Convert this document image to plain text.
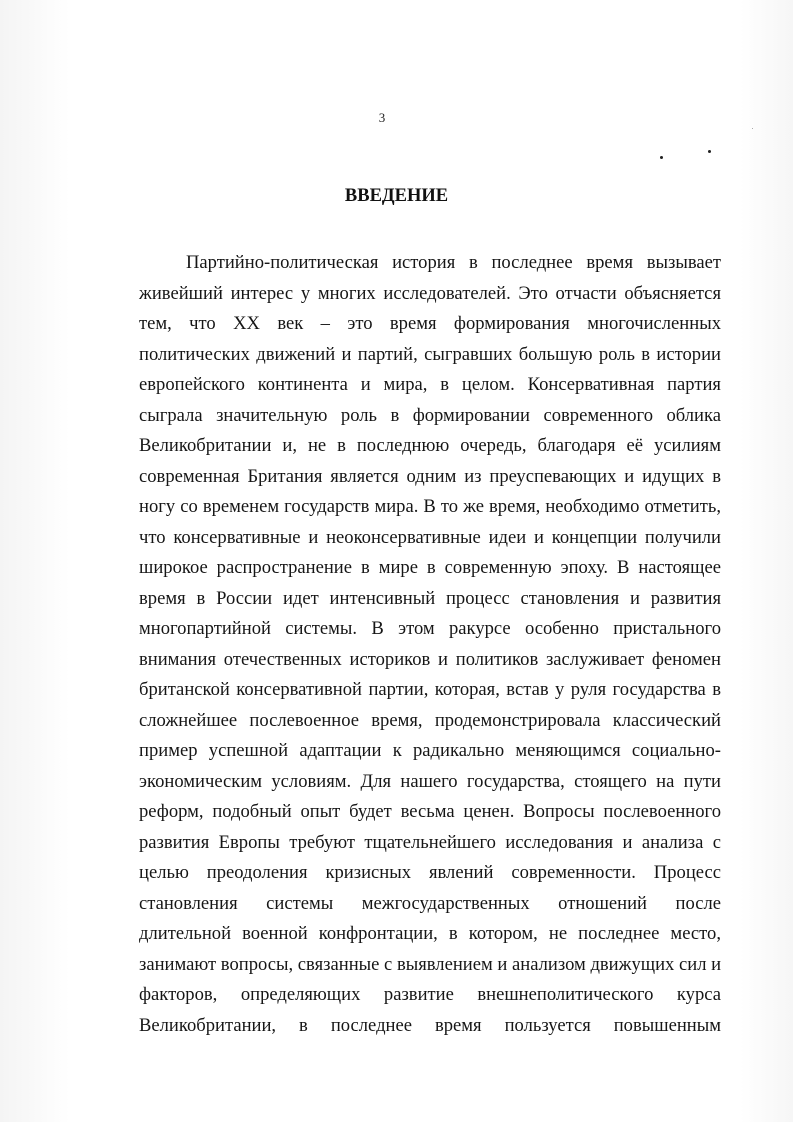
3
ВВЕДЕНИЕ
Партийно-политическая история в последнее время вызывает
живейший интерес у многих исследователей. Это отчасти объясняется
тем, что XX век – это время формирования многочисленных
политических движений и партий, сыгравших большую роль в истории
европейского континента и мира, в целом. Консервативная партия
сыграла значительную роль в формировании современного облика
Великобритании и, не в последнюю очередь, благодаря её усилиям
современная Британия является одним из преуспевающих и идущих в
ногу со временем государств мира. В то же время, необходимо отметить,
что консервативные и неоконсервативные идеи и концепции получили
широкое распространение в мире в современную эпоху. В настоящее
время в России идет интенсивный процесс становления и развития
многопартийной системы. В этом ракурсе особенно пристального
внимания отечественных историков и политиков заслуживает феномен
британской консервативной партии, которая, встав у руля государства в
сложнейшее послевоенное время, продемонстрировала классический
пример успешной адаптации к радикально меняющимся социально-
экономическим условиям. Для нашего государства, стоящего на пути
реформ, подобный опыт будет весьма ценен. Вопросы послевоенного
развития Европы требуют тщательнейшего исследования и анализа с
целью преодоления кризисных явлений современности. Процесс
становления системы межгосударственных отношений после
длительной военной конфронтации, в котором, не последнее место,
занимают вопросы, связанные с выявлением и анализом движущих сил и
факторов, определяющих развитие внешнеполитического курса
Великобритании, в последнее время пользуется повышенным
